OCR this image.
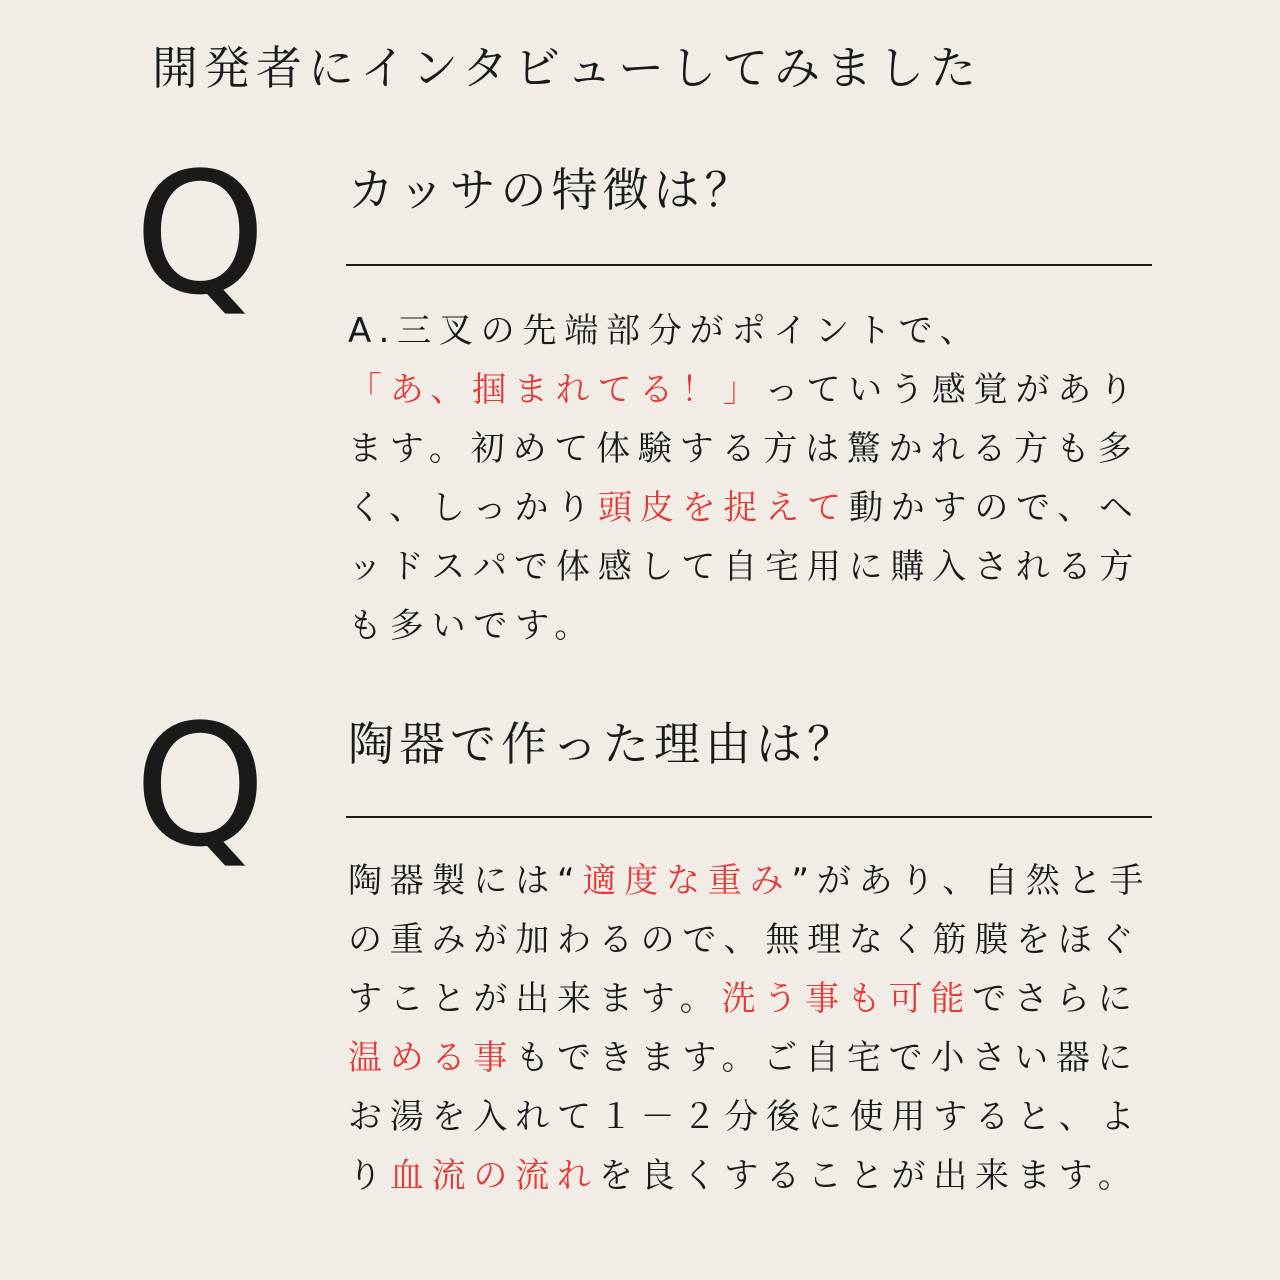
開発者にインタビューしてみました
Q カッサの特徴は？
A.三叉の先端部分がポイントで、
「あ、掴まれてる！」っていう感覚があり
ます。初めて体験する方は驚かれる方も多
く、しっかり頭皮を捉えて動かすので、ヘ
ッドスパで体感して自宅用に購入される方
も多いです。
Q 陶器で作った理由は？
陶器製には“適度な重み”があり、自然と手
の重みが加わるので、無理なく筋膜をほぐ
すことが出来ます。洗う事も可能でさらに
温める事もできます。ご自宅で小さい器に
お湯を入れて１－２分後に使用すると、よ
り血流の流れを良くすることが出来ます。
